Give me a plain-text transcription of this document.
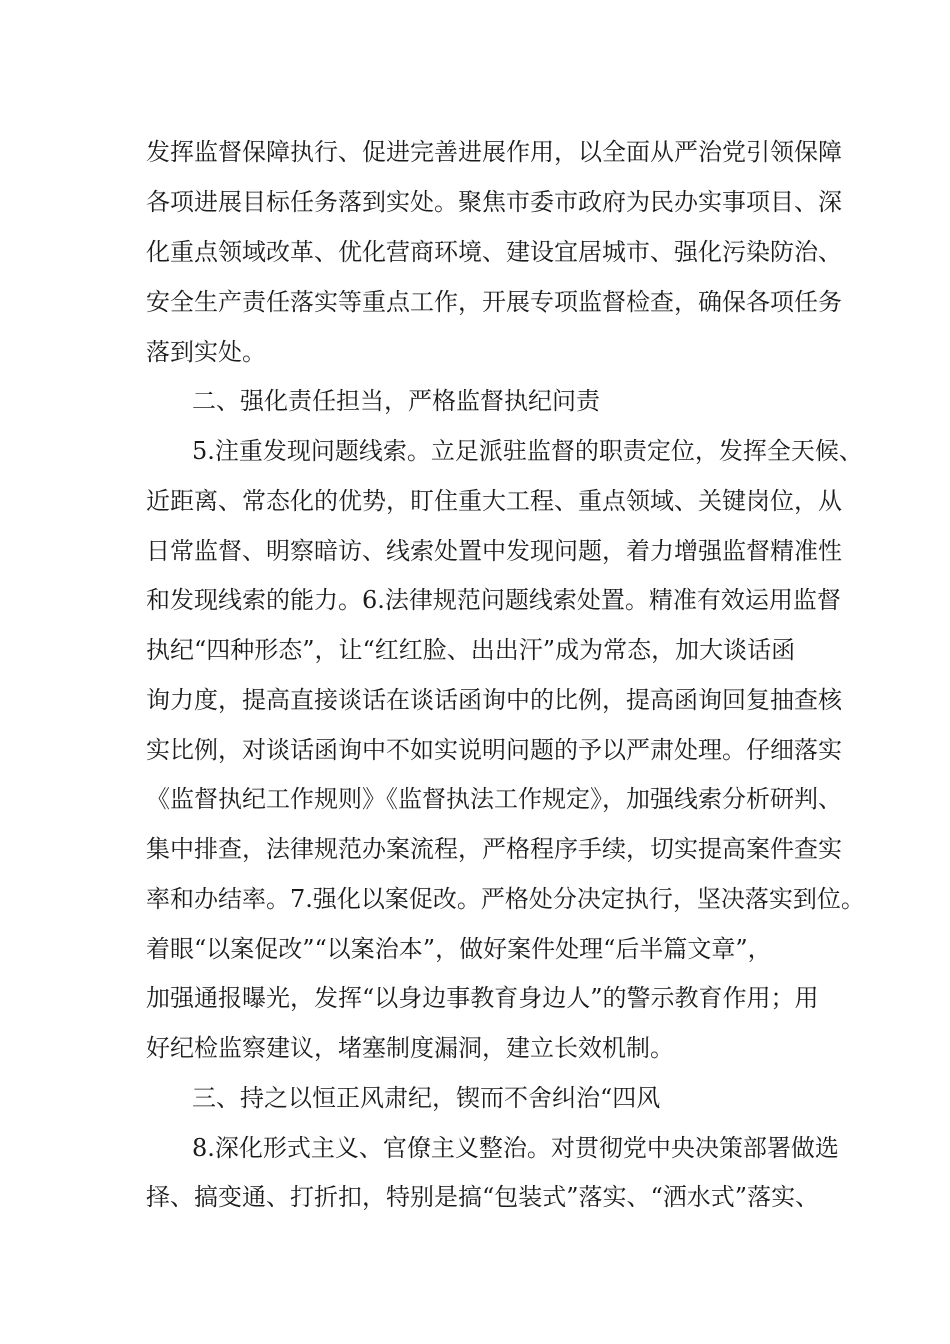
发挥监督保障执行、促进完善进展作用，以全面从严治党引领保障
各项进展目标任务落到实处。聚焦市委市政府为民办实事项目、深
化重点领域改革、优化营商环境、建设宜居城市、强化污染防治、
安全生产责任落实等重点工作，开展专项监督检查，确保各项任务
落到实处。
二、强化责任担当，严格监督执纪问责
5.注重发现问题线索。立足派驻监督的职责定位，发挥全天候、
近距离、常态化的优势，盯住重大工程、重点领域、关键岗位，从
日常监督、明察暗访、线索处置中发现问题，着力增强监督精准性
和发现线索的能力。6.法律规范问题线索处置。精准有效运用监督
执纪“四种形态”，让“红红脸、出出汗”成为常态，加大谈话函
询力度，提高直接谈话在谈话函询中的比例，提高函询回复抽查核
实比例，对谈话函询中不如实说明问题的予以严肃处理。仔细落实
《监督执纪工作规则》《监督执法工作规定》，加强线索分析研判、
集中排查，法律规范办案流程，严格程序手续，切实提高案件查实
率和办结率。7.强化以案促改。严格处分决定执行，坚决落实到位。
着眼“以案促改”“以案治本”，做好案件处理“后半篇文章”，
加强通报曝光，发挥“以身边事教育身边人”的警示教育作用；用
好纪检监察建议，堵塞制度漏洞，建立长效机制。
三、持之以恒正风肃纪，锲而不舍纠治“四风
8.深化形式主义、官僚主义整治。对贯彻党中央决策部署做选
择、搞变通、打折扣，特别是搞“包装式”落实、“洒水式”落实、
